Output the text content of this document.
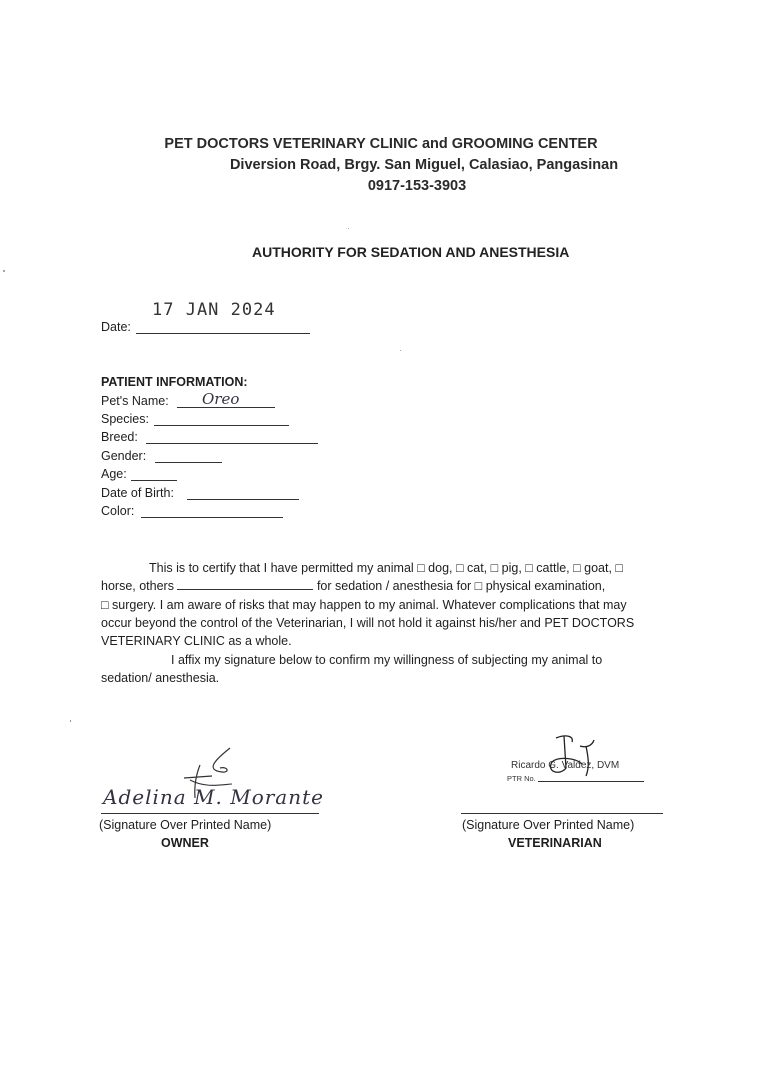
PET DOCTORS VETERINARY CLINIC and GROOMING CENTER
Diversion Road, Brgy. San Miguel, Calasiao, Pangasinan
0917-153-3903
AUTHORITY FOR SEDATION AND ANESTHESIA
17 JAN 2024
Date:
PATIENT INFORMATION:
Pet's Name: Oreo
Species:
Breed:
Gender:
Age:
Date of Birth:
Color:
This is to certify that I have permitted my animal □ dog, □ cat, □ pig, □ cattle, □ goat, □
horse, others	for sedation / anesthesia for □ physical examination,
□ surgery. I am aware of risks that may happen to my animal. Whatever complications that may
occur beyond the control of the Veterinarian, I will not hold it against his/her and PET DOCTORS
VETERINARY CLINIC as a whole.
I affix my signature below to confirm my willingness of subjecting my animal to
sedation/ anesthesia.
Adelina M. Morante
(Signature Over Printed Name)
OWNER
Ricardo G. Valdez, DVM
PTR No.
(Signature Over Printed Name)
VETERINARIAN
